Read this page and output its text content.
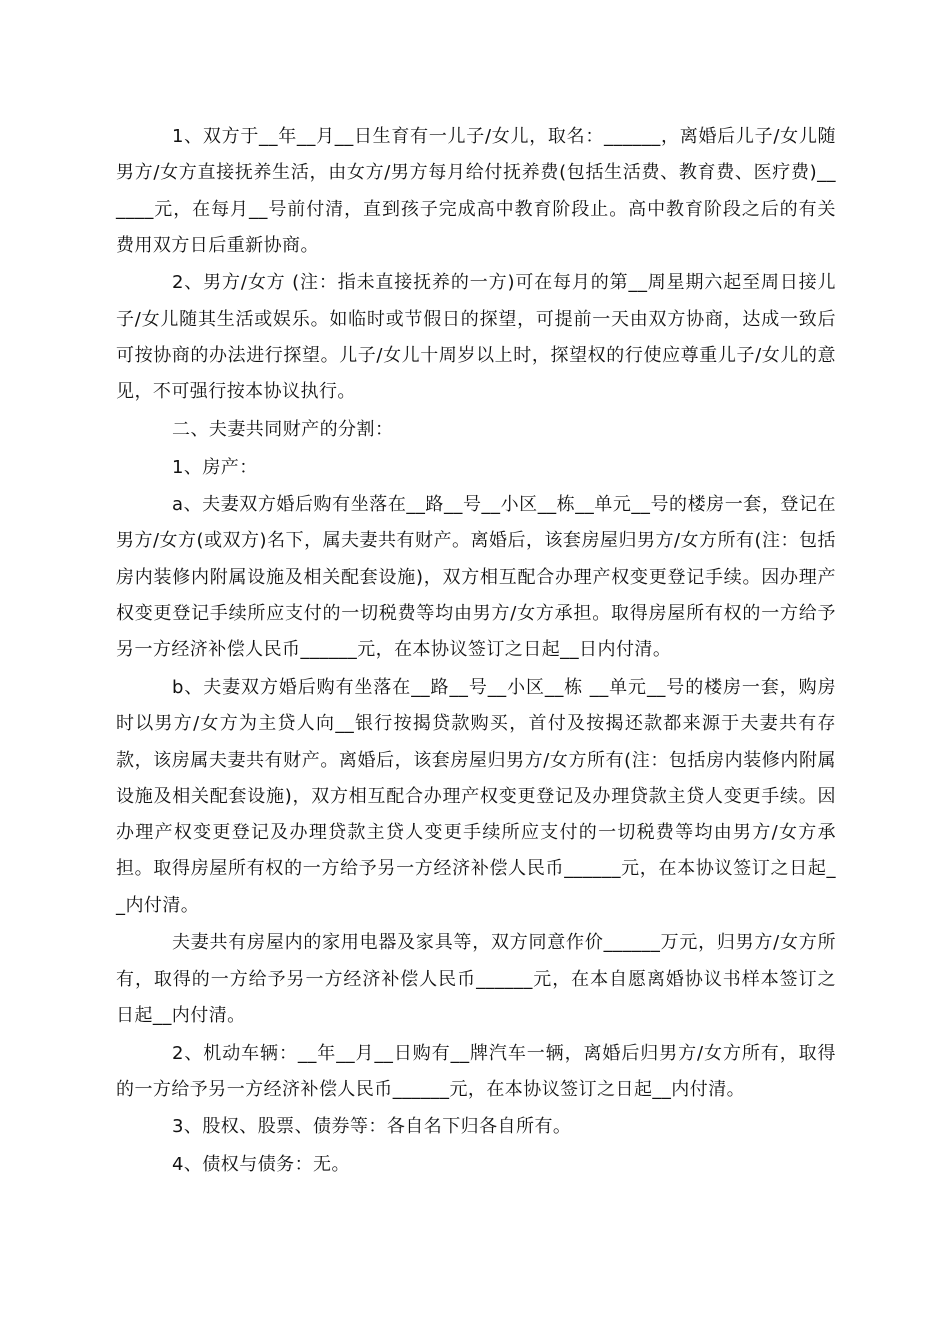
1、双方于__年__月__日生育有一儿子/女儿，取名：______，离婚后儿子/女儿随男方/女方直接抚养生活，由女方/男方每月给付抚养费(包括生活费、教育费、医疗费)______元，在每月__号前付清，直到孩子完成高中教育阶段止。高中教育阶段之后的有关费用双方日后重新协商。

2、男方/女方 (注：指未直接抚养的一方)可在每月的第__周星期六起至周日接儿子/女儿随其生活或娱乐。如临时或节假日的探望，可提前一天由双方协商，达成一致后可按协商的办法进行探望。儿子/女儿十周岁以上时，探望权的行使应尊重儿子/女儿的意见，不可强行按本协议执行。

二、夫妻共同财产的分割：

1、房产：

a、夫妻双方婚后购有坐落在__路__号__小区__栋__单元__号的楼房一套，登记在男方/女方(或双方)名下，属夫妻共有财产。离婚后，该套房屋归男方/女方所有(注：包括房内装修内附属设施及相关配套设施)，双方相互配合办理产权变更登记手续。因办理产权变更登记手续所应支付的一切税费等均由男方/女方承担。取得房屋所有权的一方给予另一方经济补偿人民币______元，在本协议签订之日起__日内付清。

b、夫妻双方婚后购有坐落在__路__号__小区__栋 __单元__号的楼房一套，购房时以男方/女方为主贷人向__银行按揭贷款购买，首付及按揭还款都来源于夫妻共有存款，该房属夫妻共有财产。离婚后，该套房屋归男方/女方所有(注：包括房内装修内附属设施及相关配套设施)，双方相互配合办理产权变更登记及办理贷款主贷人变更手续。因办理产权变更登记及办理贷款主贷人变更手续所应支付的一切税费等均由男方/女方承担。取得房屋所有权的一方给予另一方经济补偿人民币______元，在本协议签订之日起__内付清。

夫妻共有房屋内的家用电器及家具等，双方同意作价______万元，归男方/女方所有，取得的一方给予另一方经济补偿人民币______元，在本自愿离婚协议书样本签订之日起__内付清。

2、机动车辆：__年__月__日购有__牌汽车一辆，离婚后归男方/女方所有，取得的一方给予另一方经济补偿人民币______元，在本协议签订之日起__内付清。

3、股权、股票、债券等：各自名下归各自所有。

4、债权与债务：无。
